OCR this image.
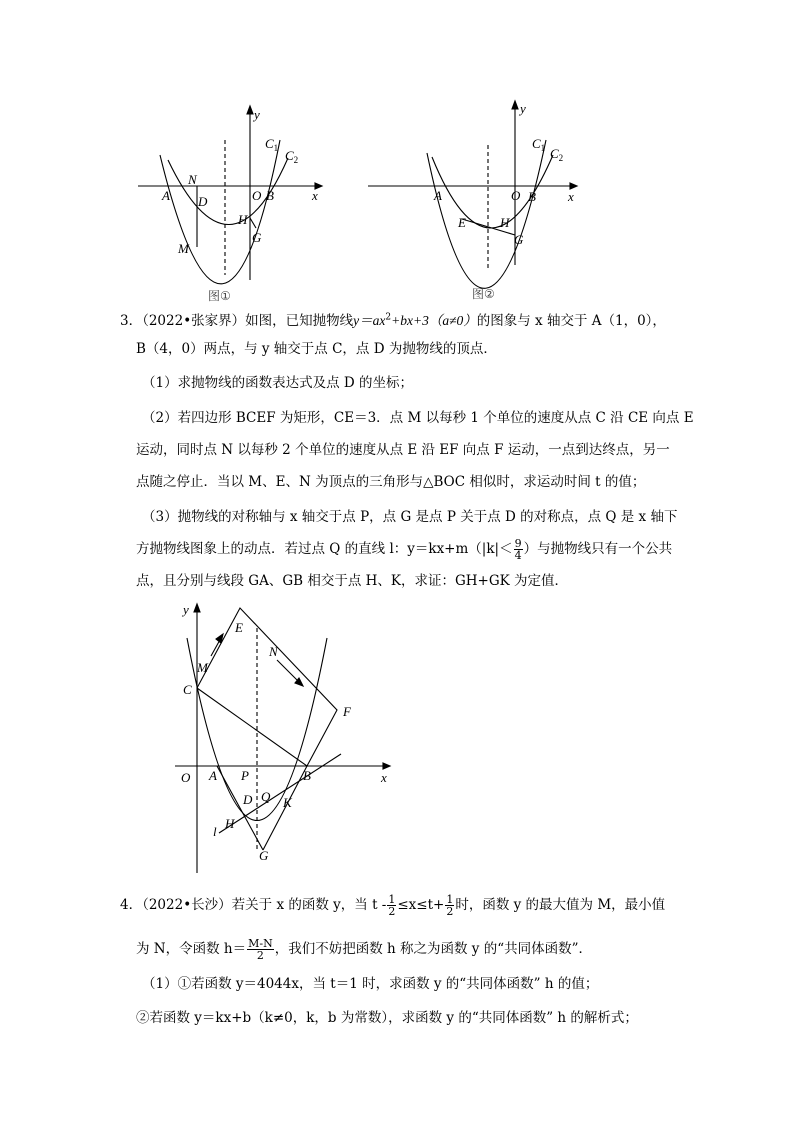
y
x
$C_1$ $C_2$
N
A D	O B
H
M
G
图①
y
x
$C_1$ $C_2$
A	O B
E	H
G
图②
3．（2022•张家界）如图，已知抛物线$y=ax^2+bx+3(a\ne 0)$的图象与 x 轴交于 A（1，0），
B（4，0）两点，与 y 轴交于点 C，点 D 为抛物线的顶点．
（1）求抛物线的函数表达式及点 D 的坐标；
（2）若四边形 BCEF 为矩形，CE＝3．点 M 以每秒 1 个单位的速度从点 C 沿 CE 向点 E
运动，同时点 N 以每秒 2 个单位的速度从点 E 沿 EF 向点 F 运动，一点到达终点，另一
点随之停止．当以 M、E、N 为顶点的三角形与△BOC 相似时，求运动时间 t 的值；
（3）抛物线的对称轴与 x 轴交于点 P，点 G 是点 P 关于点 D 的对称点，点 Q 是 x 轴下
方抛物线图象上的动点．若过点 Q 的直线 l：$y=kx+m(|k|< \frac{9}{4}$ ）与抛物线只有一个公共
点，且分别与线段 GA、GB 相交于点 H、K，求证：GH+GK 为定值．
y
x
E
M
N
C
F
O A P	B
D Q K
l
H
G
4．（2022•长沙）若关于 x 的函数 y，当 $t - \frac{1}{2} \le x\le t+ \frac{1}{2}$ 时，函数 y 的最大值为 M，最小值
为 N，令函数 $h= \frac{M-N}{2}$ ，我们不妨把函数 h 称之为函数 y 的“共同体函数”．
（1）①若函数 y＝4044x，当 t＝1 时，求函数 y 的“共同体函数” h 的值；
②若函数 y＝kx+b（k≠0，k，b 为常数），求函数 y 的“共同体函数” h 的解析式；
